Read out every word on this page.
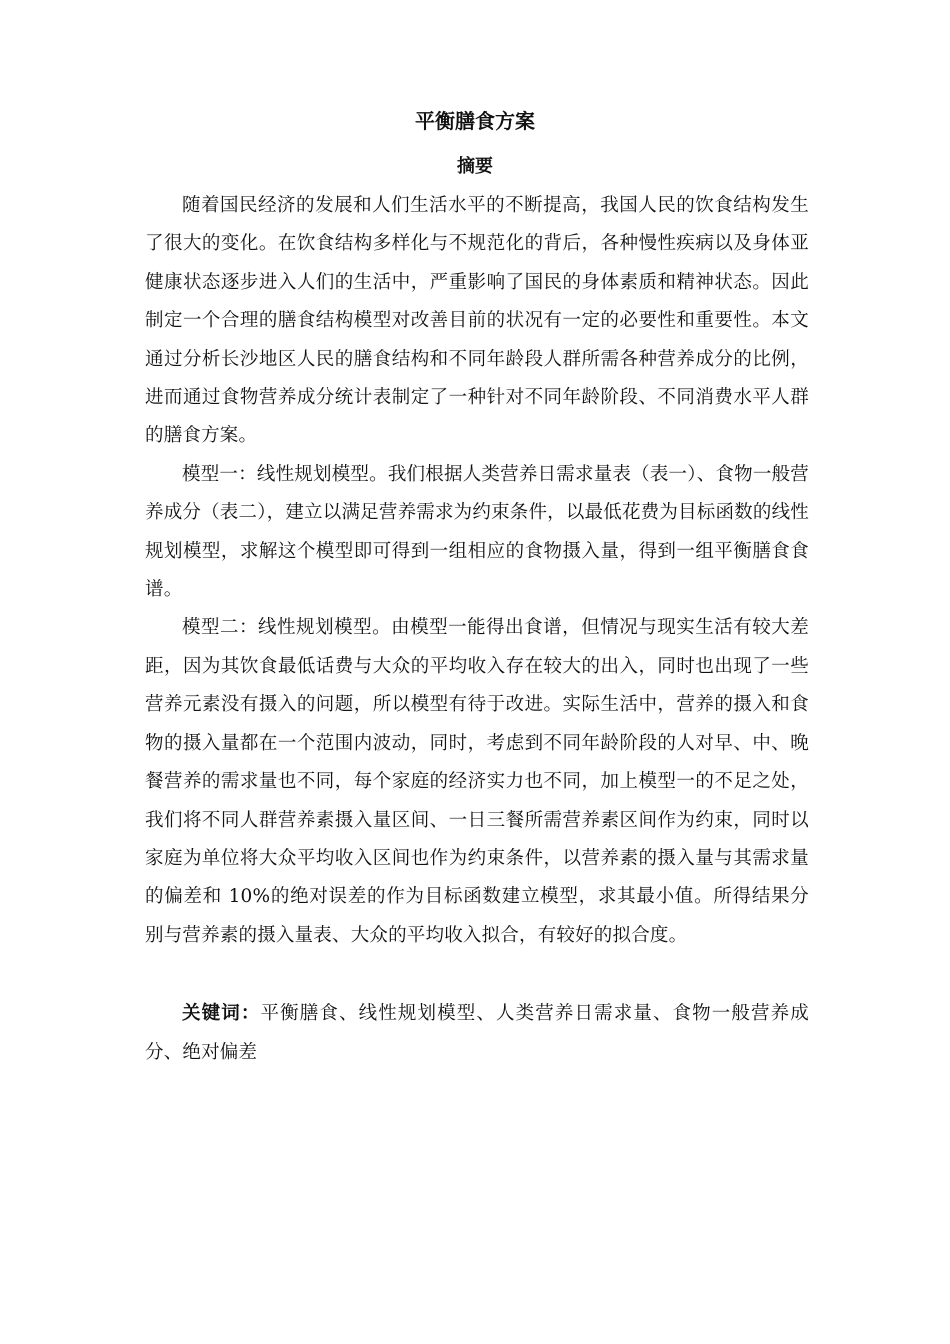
平衡膳食方案
摘要

随着国民经济的发展和人们生活水平的不断提高，我国人民的饮食结构发生了很大的变化。在饮食结构多样化与不规范化的背后，各种慢性疾病以及身体亚健康状态逐步进入人们的生活中，严重影响了国民的身体素质和精神状态。因此制定一个合理的膳食结构模型对改善目前的状况有一定的必要性和重要性。本文通过分析长沙地区人民的膳食结构和不同年龄段人群所需各种营养成分的比例，进而通过食物营养成分统计表制定了一种针对不同年龄阶段、不同消费水平人群的膳食方案。

模型一：线性规划模型。我们根据人类营养日需求量表（表一）、食物一般营养成分（表二），建立以满足营养需求为约束条件，以最低花费为目标函数的线性规划模型，求解这个模型即可得到一组相应的食物摄入量，得到一组平衡膳食食谱。

模型二：线性规划模型。由模型一能得出食谱，但情况与现实生活有较大差距，因为其饮食最低话费与大众的平均收入存在较大的出入，同时也出现了一些营养元素没有摄入的问题，所以模型有待于改进。实际生活中，营养的摄入和食物的摄入量都在一个范围内波动，同时，考虑到不同年龄阶段的人对早、中、晚餐营养的需求量也不同，每个家庭的经济实力也不同，加上模型一的不足之处，我们将不同人群营养素摄入量区间、一日三餐所需营养素区间作为约束，同时以家庭为单位将大众平均收入区间也作为约束条件，以营养素的摄入量与其需求量的偏差和 10%的绝对误差的作为目标函数建立模型，求其最小值。所得结果分别与营养素的摄入量表、大众的平均收入拟合，有较好的拟合度。

关键词：平衡膳食、线性规划模型、人类营养日需求量、食物一般营养成分、绝对偏差
